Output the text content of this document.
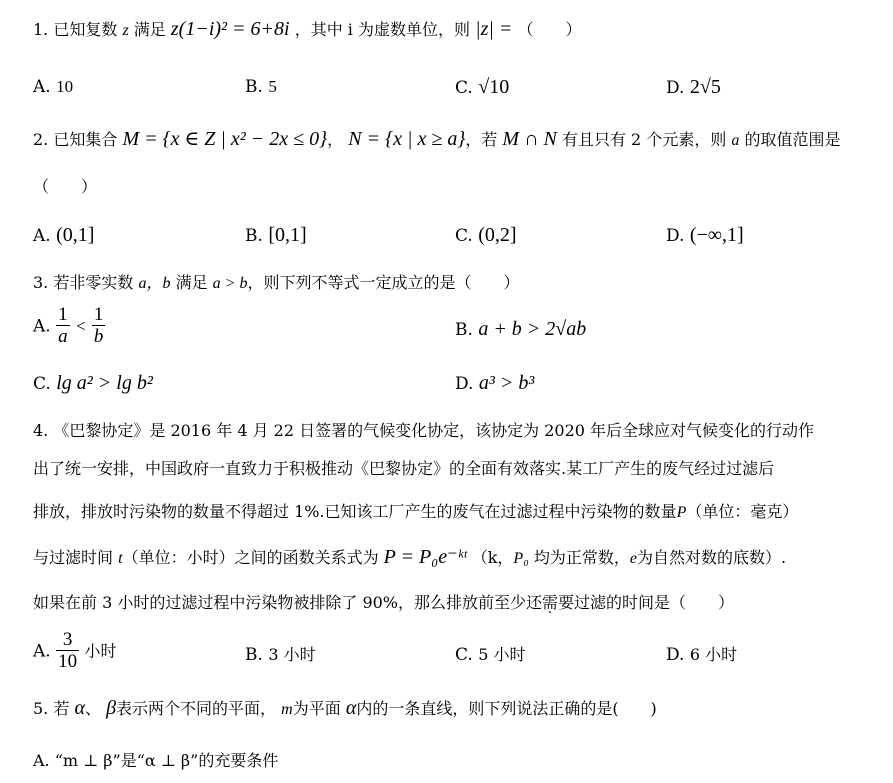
1. 已知复数 z 满足 z(1−i)² = 6+8i ，其中 i 为虚数单位，则 |z| = （　　）
A. 10	B. 5	C. √10	D. 2√5
2. 已知集合 M = {x ∈ Z | x² − 2x ≤ 0}， N = {x | x ≥ a}，若 M ∩ N 有且只有 2 个元素，则 a 的取值范围是
（　　）
A. (0,1]	B. [0,1]	C. (0,2]	D. (−∞,1]
3. 若非零实数 a，b 满足 a > b，则下列不等式一定成立的是（　　）
A. $\frac{1}{a} < \frac{1}{b}$	B. a + b > 2√ab
C. lg a² > lg b²	D. a³ > b³
4. 《巴黎协定》是 2016 年 4 月 22 日签署的气候变化协定，该协定为 2020 年后全球应对气候变化的行动作
出了统一安排，中国政府一直致力于积极推动《巴黎协定》的全面有效落实.某工厂产生的废气经过过滤后
排放，排放时污染物的数量不得超过 1%.已知该工厂产生的废气在过滤过程中污染物的数量P（单位：毫克）
与过滤时间 t（单位：小时）之间的函数关系式为 P = P₀e⁻ᵏᵗ （k，P₀ 均为正常数，e为自然对数的底数）.
如果在前 3 小时的过滤过程中污染物被排除了 90%，那么排放前至少还需要过滤的时间是（　　）
A. $\frac{3}{10}$ 小时	B. 3 小时	C. 5 小时	D. 6 小时
5. 若 α、 β表示两个不同的平面， m为平面 α内的一条直线，则下列说法正确的是(　　)
A. “m ⊥ β”是“α ⊥ β”的充要条件
